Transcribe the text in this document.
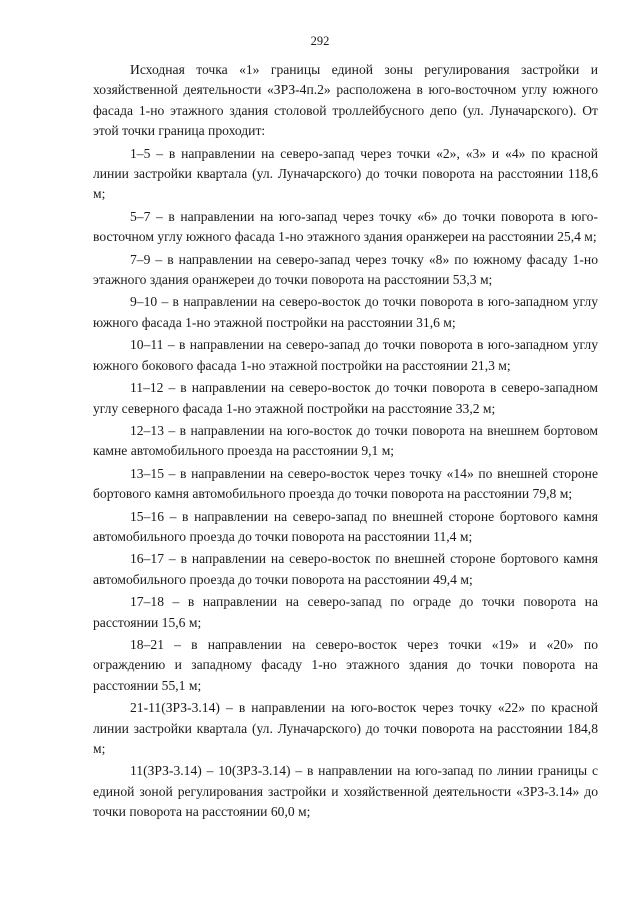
292

Исходная точка «1» границы единой зоны регулирования застройки и хозяйственной деятельности «ЗРЗ-4п.2» расположена в юго-восточном углу южного фасада 1-но этажного здания столовой троллейбусного депо (ул. Луначарского). От этой точки граница проходит:

1–5 – в направлении на северо-запад через точки «2», «3» и «4» по красной линии застройки квартала (ул. Луначарского) до точки поворота на расстоянии 118,6 м;

5–7 – в направлении на юго-запад через точку «6» до точки поворота в юго-восточном углу южного фасада 1-но этажного здания оранжереи на расстоянии 25,4 м;

7–9 – в направлении на северо-запад через точку «8» по южному фасаду 1-но этажного здания оранжереи до точки поворота на расстоянии 53,3 м;

9–10 – в направлении на северо-восток до точки поворота в юго-западном углу южного фасада 1-но этажной постройки на расстоянии 31,6 м;

10–11 – в направлении на северо-запад до точки поворота в юго-западном углу южного бокового фасада 1-но этажной постройки на расстоянии 21,3 м;

11–12 – в направлении на северо-восток до точки поворота в северо-западном углу северного фасада 1-но этажной постройки на расстояние 33,2 м;

12–13 – в направлении на юго-восток до точки поворота на внешнем бортовом камне автомобильного проезда на расстоянии 9,1 м;

13–15 – в направлении на северо-восток через точку «14» по внешней стороне бортового камня автомобильного проезда до точки поворота на расстоянии 79,8 м;

15–16 – в направлении на северо-запад по внешней стороне бортового камня автомобильного проезда до точки поворота на расстоянии 11,4 м;

16–17 – в направлении на северо-восток по внешней стороне бортового камня автомобильного проезда до точки поворота на расстоянии 49,4 м;

17–18 – в направлении на северо-запад по ограде до точки поворота на расстоянии 15,6 м;

18–21 – в направлении на северо-восток через точки «19» и «20» по ограждению и западному фасаду 1-но этажного здания до точки поворота на расстоянии 55,1 м;

21-11(ЗРЗ-3.14) – в направлении на юго-восток через точку «22» по красной линии застройки квартала (ул. Луначарского) до точки поворота на расстоянии 184,8 м;

11(ЗРЗ-3.14) – 10(ЗРЗ-3.14) – в направлении на юго-запад по линии границы с единой зоной регулирования застройки и хозяйственной деятельности «ЗРЗ-3.14» до точки поворота на расстоянии 60,0 м;
